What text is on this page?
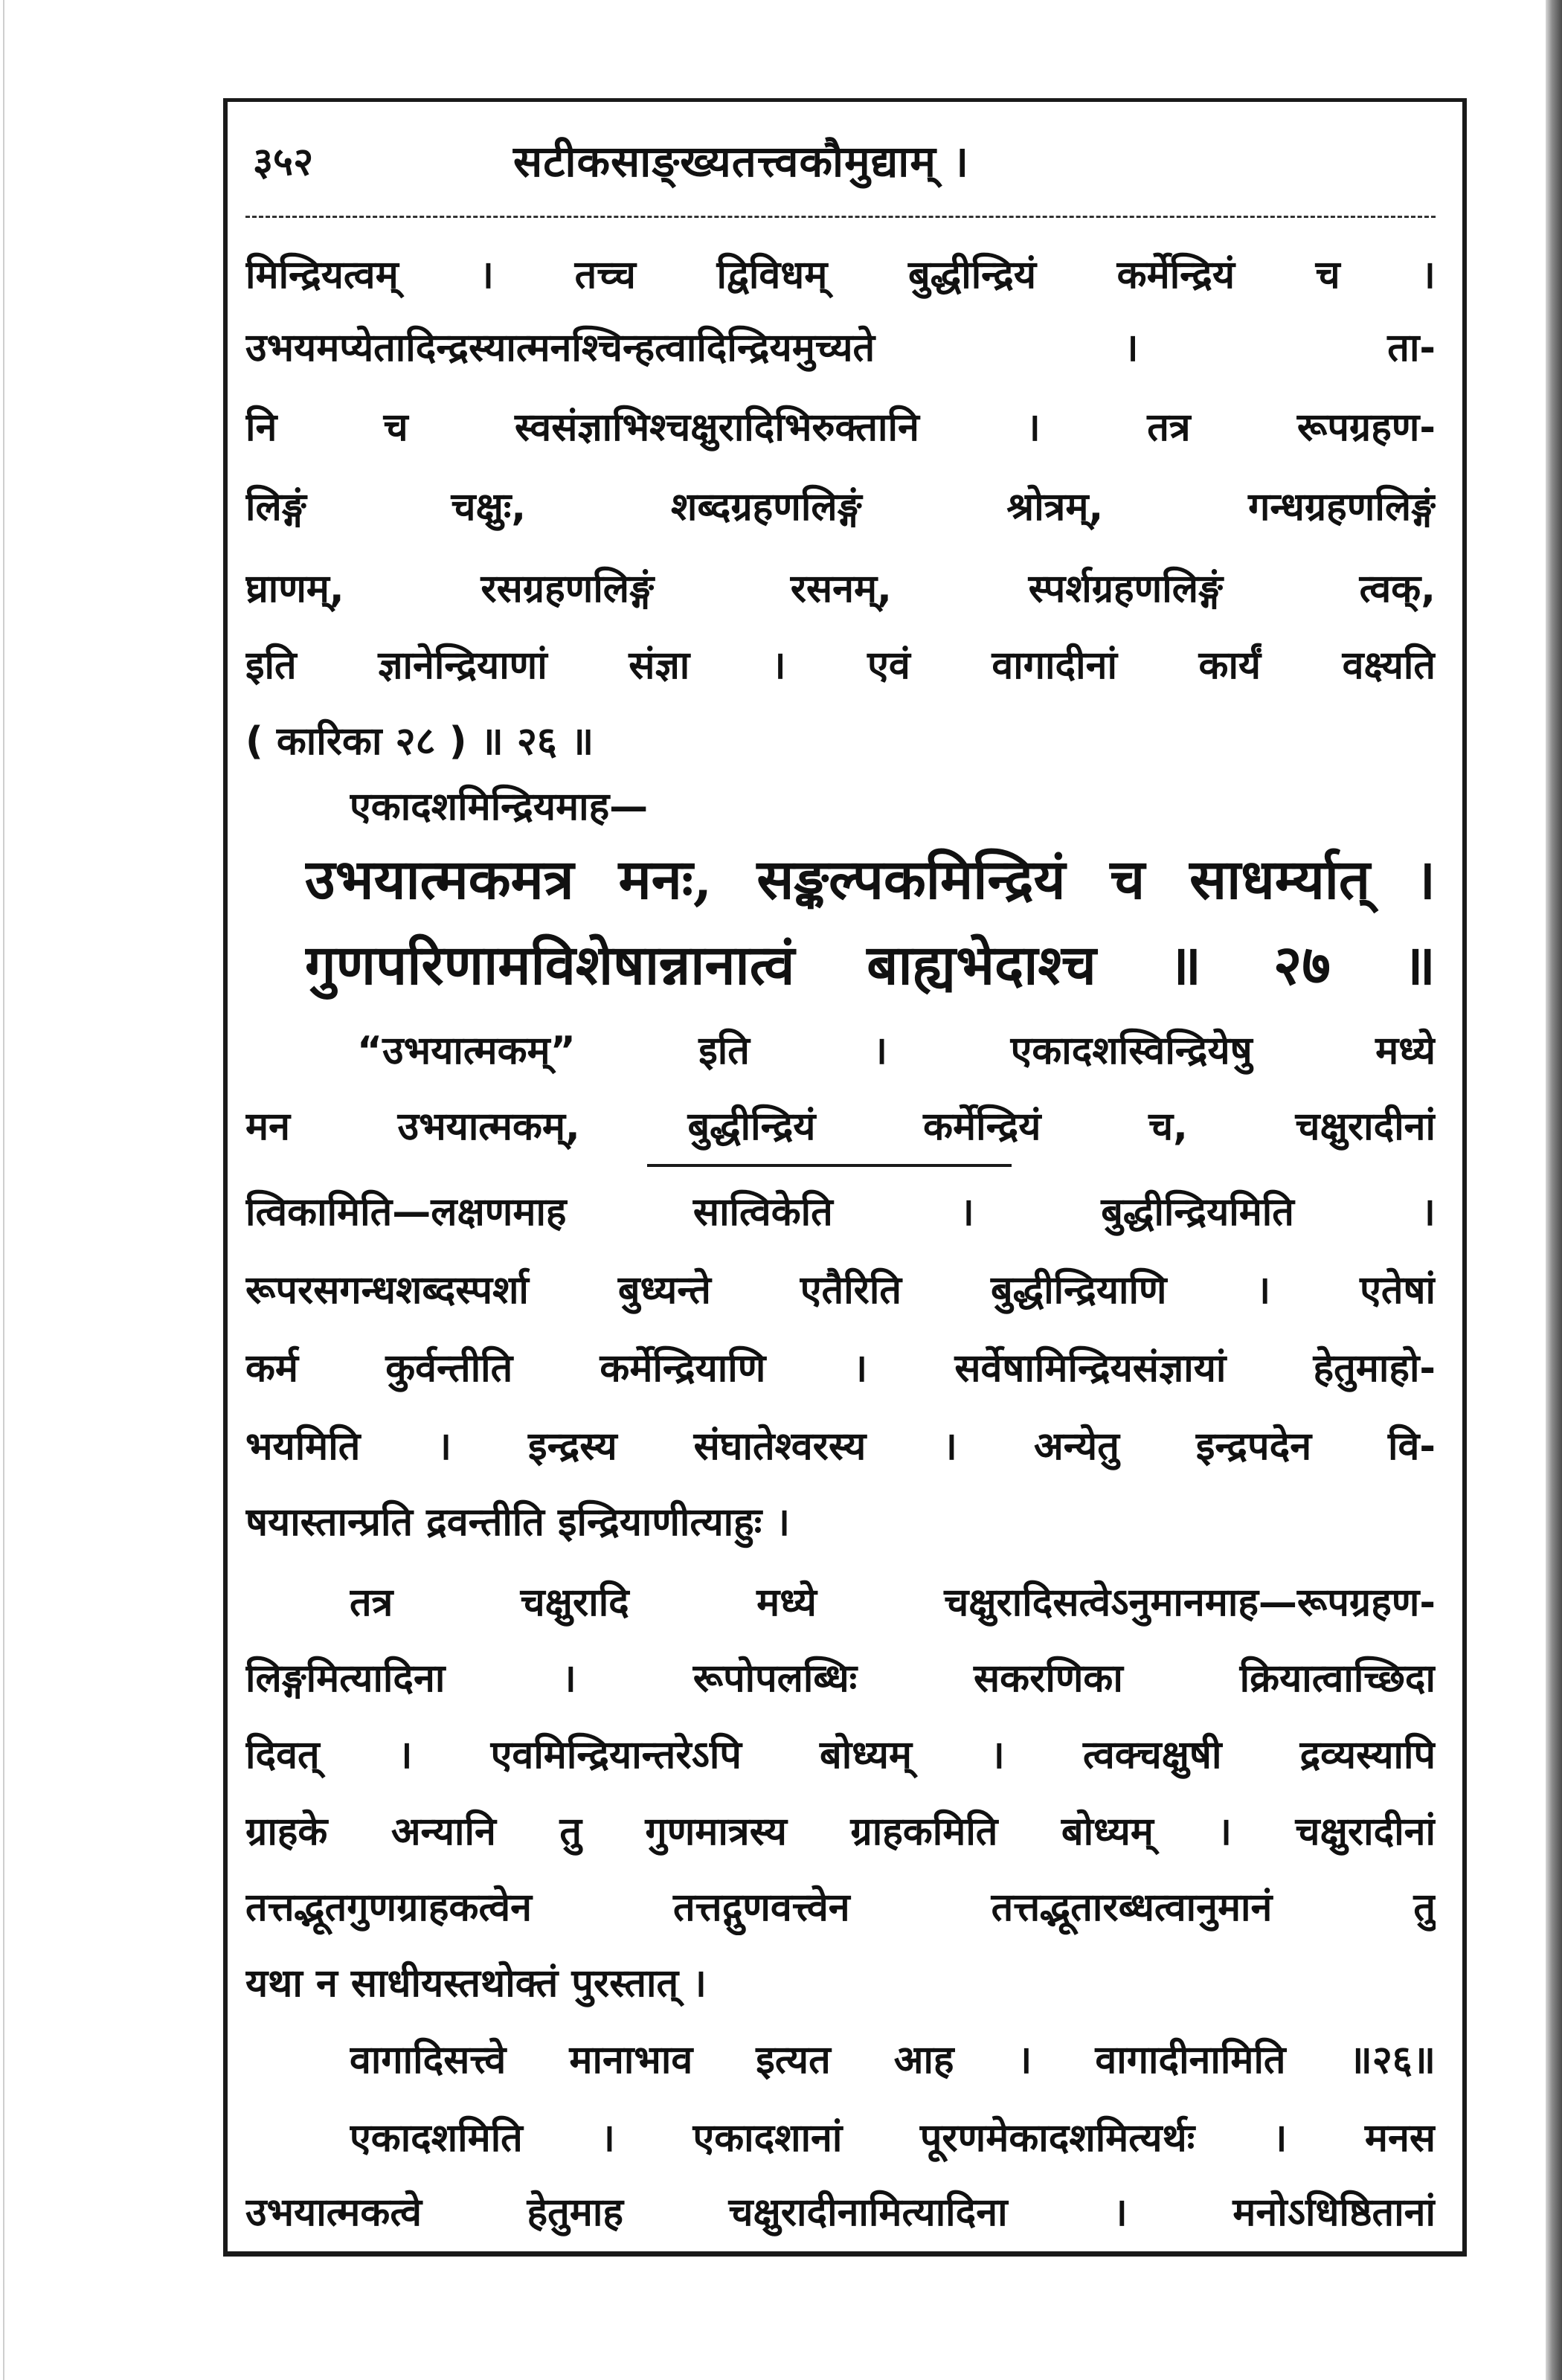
३५२	सटीकसाङ्ख्यतत्त्वकौमुद्याम् ।
मिन्द्रियत्वम् । तच्च द्विविधम् बुद्धीन्द्रियं कर्मेन्द्रियं च ।
उभयमप्येतादिन्द्रस्यात्मनश्चिन्हत्वादिन्द्रियमुच्यते । ता-
नि च स्वसंज्ञाभिश्चक्षुरादिभिरुक्तानि । तत्र रूपग्रहण-
लिङ्गं चक्षुः, शब्दग्रहणलिङ्गं श्रोत्रम्, गन्धग्रहणलिङ्गं
घ्राणम्, रसग्रहणलिङ्गं रसनम्, स्पर्शग्रहणलिङ्गं त्वक्,
इति ज्ञानेन्द्रियाणां संज्ञा । एवं वागादीनां कार्यं वक्ष्यति
( कारिका २८ ) ॥ २६ ॥
एकादशमिन्द्रियमाह—
उभयात्मकमत्र मनः, सङ्कल्पकमिन्द्रियं च साधर्म्यात् ।
गुणपरिणामविशेषान्नानात्वं बाह्यभेदाश्च ॥ २७ ॥
“उभयात्मकम्” इति । एकादशस्विन्द्रियेषु मध्ये
मन उभयात्मकम्, बुद्धीन्द्रियं कर्मेन्द्रियं च, चक्षुरादीनां
त्विकामिति—लक्षणमाह सात्विकेति । बुद्धीन्द्रियमिति ।
रूपरसगन्धशब्दस्पर्शा बुध्यन्ते एतैरिति बुद्धीन्द्रियाणि । एतेषां
कर्म कुर्वन्तीति कर्मेन्द्रियाणि । सर्वेषामिन्द्रियसंज्ञायां हेतुमाहो-
भयमिति । इन्द्रस्य संघातेश्वरस्य । अन्येतु इन्द्रपदेन वि-
षयास्तान्प्रति द्रवन्तीति इन्द्रियाणीत्याहुः ।
तत्र चक्षुरादि मध्ये चक्षुरादिसत्वेऽनुमानमाह—रूपग्रहण-
लिङ्गमित्यादिना । रूपोपलब्धिः सकरणिका क्रियात्वाच्छिदा
दिवत् । एवमिन्द्रियान्तरेऽपि बोध्यम् । त्वक्चक्षुषी द्रव्यस्यापि
ग्राहके अन्यानि तु गुणमात्रस्य ग्राहकमिति बोध्यम् । चक्षुरादीनां
तत्तद्भूतगुणग्राहकत्वेन तत्तद्गुणवत्त्वेन तत्तद्भूतारब्धत्वानुमानं तु
यथा न साधीयस्तथोक्तं पुरस्तात् ।
वागादिसत्त्वे मानाभाव इत्यत आह । वागादीनामिति ॥२६॥
एकादशमिति । एकादशानां पूरणमेकादशमित्यर्थः । मनस
उभयात्मकत्वे हेतुमाह चक्षुरादीनामित्यादिना । मनोऽधिष्ठितानां
